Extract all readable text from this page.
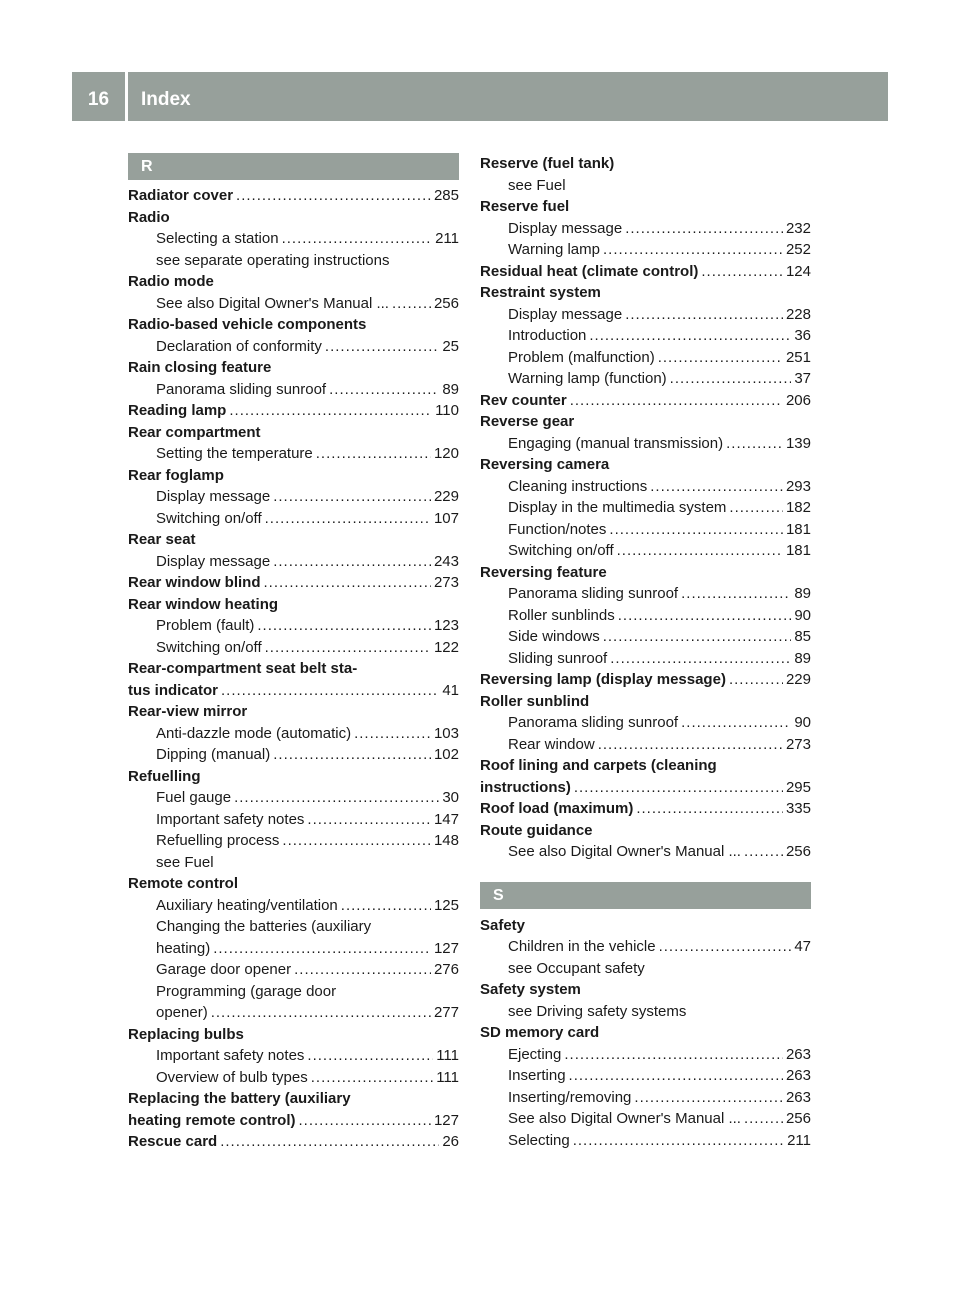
16	Index
R
Radiator cover .....	285
Radio
Selecting a station .....	211
see separate operating instructions
Radio mode
See also Digital Owner's Manual ... .....	256
Radio-based vehicle components
Declaration of conformity .....	25
Rain closing feature
Panorama sliding sunroof .....	89
Reading lamp .....	110
Rear compartment
Setting the temperature .....	120
Rear foglamp
Display message .....	229
Switching on/off .....	107
Rear seat
Display message .....	243
Rear window blind .....	273
Rear window heating
Problem (fault) .....	123
Switching on/off .....	122
Rear-compartment seat belt sta-
tus indicator .....	41
Rear-view mirror
Anti-dazzle mode (automatic) .....	103
Dipping (manual) .....	102
Refuelling
Fuel gauge .....	30
Important safety notes .....	147
Refuelling process .....	148
see Fuel
Remote control
Auxiliary heating/ventilation .....	125
Changing the batteries (auxiliary
heating) .....	127
Garage door opener .....	276
Programming (garage door
opener) .....	277
Replacing bulbs
Important safety notes .....	111
Overview of bulb types .....	111
Replacing the battery (auxiliary
heating remote control) .....	127
Rescue card .....	26
Reserve (fuel tank)
see Fuel
Reserve fuel
Display message .....	232
Warning lamp .....	252
Residual heat (climate control) .....	124
Restraint system
Display message .....	228
Introduction .....	36
Problem (malfunction) .....	251
Warning lamp (function) .....	37
Rev counter .....	206
Reverse gear
Engaging (manual transmission) .....	139
Reversing camera
Cleaning instructions .....	293
Display in the multimedia system .....	182
Function/notes .....	181
Switching on/off .....	181
Reversing feature
Panorama sliding sunroof .....	89
Roller sunblinds .....	90
Side windows .....	85
Sliding sunroof .....	89
Reversing lamp (display message) .....	229
Roller sunblind
Panorama sliding sunroof .....	90
Rear window .....	273
Roof lining and carpets (cleaning
instructions) .....	295
Roof load (maximum) .....	335
Route guidance
See also Digital Owner's Manual ... .....	256
S
Safety
Children in the vehicle .....	47
see Occupant safety
Safety system
see Driving safety systems
SD memory card
Ejecting .....	263
Inserting .....	263
Inserting/removing .....	263
See also Digital Owner's Manual ... .....	256
Selecting .....	211
